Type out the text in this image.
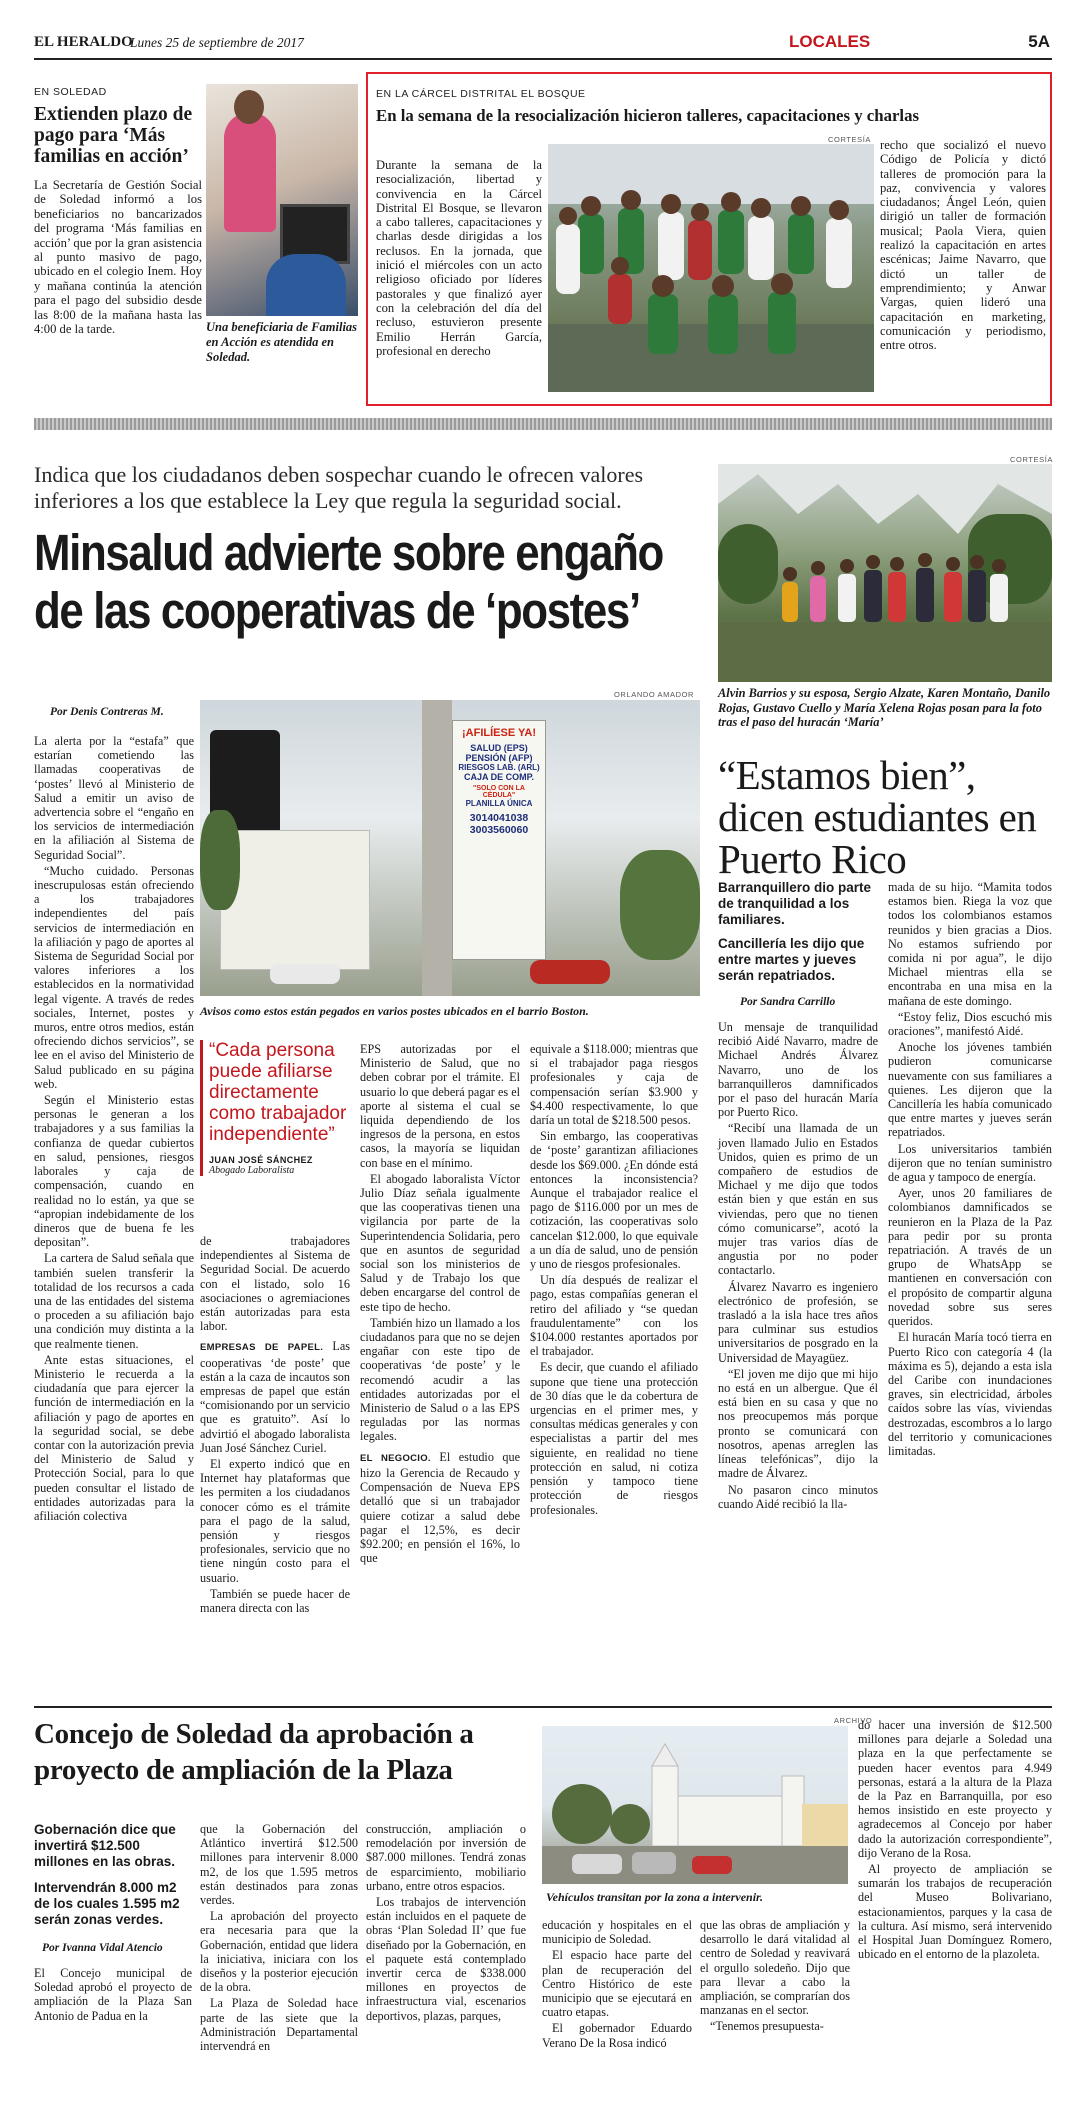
EL HERALDO
Lunes 25 de septiembre de 2017	LOCALES	5A
EN SOLEDAD
Extienden plazo de pago para ‘Más familias en acción’

La Secretaría de Gestión Social de Soledad informó a los beneficiarios no bancarizados del programa ‘Más familias en acción’ que por la gran asistencia al punto masivo de pago, ubicado en el colegio Inem. Hoy y mañana continúa la atención para el pago del subsidio desde las 8:00 de la mañana hasta las 4:00 de la tarde.	Una beneficiaria de Familias en Acción es atendida en Soledad.
EN LA CÁRCEL DISTRITAL EL BOSQUE
En la semana de la resocialización hicieron talleres, capacitaciones y charlas

Durante la semana de la resocialización, libertad y convivencia en la Cárcel Distrital El Bosque, se llevaron a cabo talleres, capacitaciones y charlas desde dirigidas a los reclusos. En la jornada, que inició el miércoles con un acto religioso oficiado por líderes pastorales y que finalizó ayer con la celebración del día del recluso, estuvieron presente Emilio Herrán García, profesional en derecho

CORTESÍA recho que socializó el nuevo Código de Policía y dictó talleres de promoción para la paz, convivencia y valores ciudadanos; Ángel León, quien dirigió un taller de formación musical; Paola Viera, quien realizó la capacitación en artes escénicas; Jaime Navarro, que dictó un taller de emprendimiento; y Anwar Vargas, quien lideró una capacitación en marketing, comunicación y periodismo, entre otros.

Indica que los ciudadanos deben sospechar cuando le ofrecen valores inferiores a los que establece la Ley que regula la seguridad social.
Minsalud advierte sobre engaño de las cooperativas de ‘postes’
Por Denis Contreras M.
ORLANDO AMADOR
¡AFILÍESE YA!
SALUD (EPS)
PENSIÓN (AFP)
RIESGOS LAB. (ARL)
CAJA DE COMP.
"SOLO CON LA CÉDULA"
PLANILLA ÚNICA
3014041038
3003560060
Avisos como estos están pegados en varios postes ubicados en el barrio Boston.

La alerta por la “estafa” que estarían cometiendo las llamadas cooperativas de ‘postes’ llevó al Ministerio de Salud a emitir un aviso de advertencia sobre el “engaño en los servicios de intermediación en la afiliación al Sistema de Seguridad Social”.

“Mucho cuidado. Personas inescrupulosas están ofreciendo a los trabajadores independientes del país servicios de intermediación en la afiliación y pago de aportes al Sistema de Seguridad Social por valores inferiores a los establecidos en la normatividad legal vigente. A través de redes sociales, Internet, postes y muros, entre otros medios, están ofreciendo dichos servicios”, se lee en el aviso del Ministerio de Salud publicado en su página web.

Según el Ministerio estas personas le generan a los trabajadores y a sus familias la confianza de quedar cubiertos en salud, pensiones, riesgos laborales y caja de compensación, cuando en realidad no lo están, ya que se “apropian indebidamente de los dineros que de buena fe les depositan”.

La cartera de Salud señala que también suelen transferir la totalidad de los recursos a cada una de las entidades del sistema o proceden a su afiliación bajo una condición muy distinta a la que realmente tienen.

Ante estas situaciones, el Ministerio le recuerda a la ciudadanía que para ejercer la función de intermediación en la afiliación y pago de aportes en la seguridad social, se debe contar con la autorización previa del Ministerio de Salud y Protección Social, para lo que pueden consultar el listado de entidades autorizadas para la afiliación colectiva

“Cada persona puede afiliarse directamente como trabajador independiente”
JUAN JOSÉ SÁNCHEZ
Abogado Laboralista

de trabajadores independientes al Sistema de Seguridad Social. De acuerdo con el listado, solo 16 asociaciones o agremiaciones están autorizadas para esta labor.

EMPRESAS DE PAPEL. Las cooperativas ‘de poste’ que están a la caza de incautos son empresas de papel que están “comisionando por un servicio que es gratuito”. Así lo advirtió el abogado laboralista Juan José Sánchez Curiel.

El experto indicó que en Internet hay plataformas que les permiten a los ciudadanos conocer cómo es el trámite para el pago de la salud, pensión y riesgos profesionales, servicio que no tiene ningún costo para el usuario.

También se puede hacer de manera directa con las

EPS autorizadas por el Ministerio de Salud, que no deben cobrar por el trámite. El usuario lo que deberá pagar es el aporte al sistema el cual se liquida dependiendo de los ingresos de la persona, en estos casos, la mayoría se liquidan con base en el mínimo.

El abogado laboralista Víctor Julio Díaz señala igualmente que las cooperativas tienen una vigilancia por parte de la Superintendencia Solidaria, pero que en asuntos de seguridad social son los ministerios de Salud y de Trabajo los que deben encargarse del control de este tipo de hecho.

También hizo un llamado a los ciudadanos para que no se dejen engañar con este tipo de cooperativas ‘de poste’ y le recomendó acudir a las entidades autorizadas por el Ministerio de Salud o a las EPS reguladas por las normas legales.

EL NEGOCIO. El estudio que hizo la Gerencia de Recaudo y Compensación de Nueva EPS detalló que si un trabajador quiere cotizar a salud debe pagar el 12,5%, es decir $92.200; en pensión el 16%, lo que

equivale a $118.000; mientras que si el trabajador paga riesgos profesionales y caja de compensación serían $3.900 y $4.400 respectivamente, lo que daría un total de $218.500 pesos.

Sin embargo, las cooperativas de ‘poste’ garantizan afiliaciones desde los $69.000. ¿En dónde está entonces la inconsistencia? Aunque el trabajador realice el pago de $116.000 por un mes de cotización, las cooperativas solo cancelan $12.000, lo que equivale a un día de salud, uno de pensión y uno de riesgos profesionales.

Un día después de realizar el pago, estas compañías generan el retiro del afiliado y “se quedan fraudulentamente” con los $104.000 restantes aportados por el trabajador.

Es decir, que cuando el afiliado supone que tiene una protección de 30 días que le da cobertura de urgencias en el primer mes, y consultas médicas generales y con especialistas a partir del mes siguiente, en realidad no tiene protección en salud, ni cotiza pensión y tampoco tiene protección de riesgos profesionales.

CORTESÍA
Alvin Barrios y su esposa, Sergio Alzate, Karen Montaño, Danilo Rojas, Gustavo Cuello y María Xelena Rojas posan para la foto tras el paso del huracán ‘María’
“Estamos bien”, dicen estudiantes en Puerto Rico
Barranquillero dio parte de tranquilidad a los familiares.
Cancillería les dijo que entre martes y jueves serán repatriados.
Por Sandra Carrillo

Un mensaje de tranquilidad recibió Aidé Navarro, madre de Michael Andrés Álvarez Navarro, uno de los barranquilleros damnificados por el paso del huracán María por Puerto Rico.

“Recibí una llamada de un joven llamado Julio en Estados Unidos, quien es primo de un compañero de estudios de Michael y me dijo que todos están bien y que están en sus viviendas, pero que no tienen cómo comunicarse”, acotó la mujer tras varios días de angustia por no poder contactarlo.

Álvarez Navarro es ingeniero electrónico de profesión, se trasladó a la isla hace tres años para culminar sus estudios universitarios de posgrado en la Universidad de Mayagüez.

“El joven me dijo que mi hijo no está en un albergue. Que él está bien en su casa y que no nos preocupemos más porque pronto se comunicará con nosotros, apenas arreglen las líneas telefónicas”, dijo la madre de Álvarez.

No pasaron cinco minutos cuando Aidé recibió la lla-

mada de su hijo. “Mamita todos estamos bien. Riega la voz que todos los colombianos estamos reunidos y bien gracias a Dios. No estamos sufriendo por comida ni por agua”, le dijo Michael mientras ella se encontraba en una misa en la mañana de este domingo.

“Estoy feliz, Dios escuchó mis oraciones”, manifestó Aidé.

Anoche los jóvenes también pudieron comunicarse nuevamente con sus familiares a quienes. Les dijeron que la Cancillería les había comunicado que entre martes y jueves serán repatriados.

Los universitarios también dijeron que no tenían suministro de agua y tampoco de energía.

Ayer, unos 20 familiares de colombianos damnificados se reunieron en la Plaza de la Paz para pedir por su pronta repatriación. A través de un grupo de WhatsApp se mantienen en conversación con el propósito de compartir alguna novedad sobre sus seres queridos.

El huracán María tocó tierra en Puerto Rico con categoría 4 (la máxima es 5), dejando a esta isla del Caribe con inundaciones graves, sin electricidad, árboles caídos sobre las vías, viviendas destrozadas, escombros a lo largo del territorio y comunicaciones limitadas.

Concejo de Soledad da aprobación a proyecto de ampliación de la Plaza
ARCHIVO
Gobernación dice que invertirá $12.500 millones en las obras.
Intervendrán 8.000 m2 de los cuales 1.595 m2 serán zonas verdes.
Por Ivanna Vidal Atencio

El Concejo municipal de Soledad aprobó el proyecto de ampliación de la Plaza San Antonio de Padua en la

que la Gobernación del Atlántico invertirá $12.500 millones para intervenir 8.000 m2, de los que 1.595 metros están destinados para zonas verdes.

La aprobación del proyecto era necesaria para que la Gobernación, entidad que lidera la iniciativa, iniciara con los diseños y la posterior ejecución de la obra.

La Plaza de Soledad hace parte de las siete que la Administración Departamental intervendrá en

construcción, ampliación o remodelación por inversión de $87.000 millones. Tendrá zonas de esparcimiento, mobiliario urbano, entre otros espacios.

Los trabajos de intervención están incluidos en el paquete de obras ‘Plan Soledad II’ que fue diseñado por la Gobernación, en el paquete está contemplado invertir cerca de $338.000 millones en proyectos de infraestructura vial, escenarios deportivos, plazas, parques,

Vehículos transitan por la zona a intervenir.

educación y hospitales en el municipio de Soledad.

El espacio hace parte del plan de recuperación del Centro Histórico de este municipio que se ejecutará en cuatro etapas.

El gobernador Eduardo Verano De la Rosa indicó

que las obras de ampliación y desarrollo le dará vitalidad al centro de Soledad y reavivará el orgullo soledeño. Dijo que para llevar a cabo la ampliación, se comprarían dos manzanas en el sector.

“Tenemos presupuesta-

do hacer una inversión de $12.500 millones para dejarle a Soledad una plaza en la que perfectamente se pueden hacer eventos para 4.949 personas, estará a la altura de la Plaza de la Paz en Barranquilla, por eso hemos insistido en este proyecto y agradecemos al Concejo por haber dado la autorización correspondiente”, dijo Verano de la Rosa.

Al proyecto de ampliación se sumarán los trabajos de recuperación del Museo Bolivariano, estacionamientos, parques y la casa de la cultura. Así mismo, será intervenido el Hospital Juan Domínguez Romero, ubicado en el entorno de la plazoleta.
